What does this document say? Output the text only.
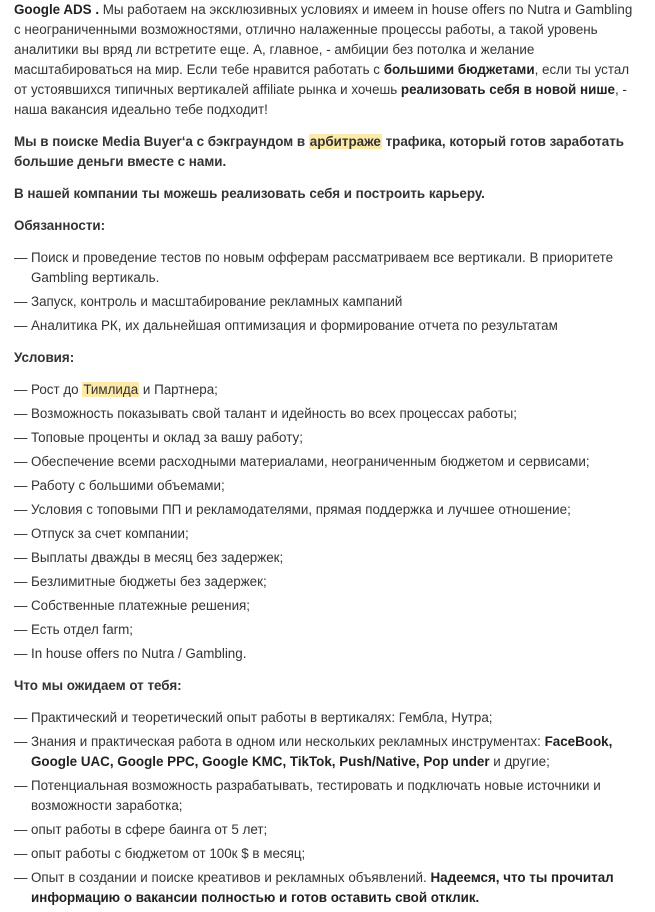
Google ADS . Мы работаем на эксклюзивных условиях и имеем in house offers по Nutra и Gambling с неограниченными возможностями, отлично налаженные процессы работы, а такой уровень аналитики вы вряд ли встретите еще. А, главное, - амбиции без потолка и желание масштабироваться на мир. Если тебе нравится работать с большими бюджетами, если ты устал от устоявшихся типичных вертикалей affiliate рынка и хочешь реализовать себя в новой нише, - наша вакансия идеально тебе подходит!

Мы в поиске Media Buyer‘a с бэкграундом в арбитраже трафика, который готов заработать большие деньги вместе с нами.

В нашей компании ты можешь реализовать себя и построить карьеру.

Обязанности:

— Поиск и проведение тестов по новым офферам рассматриваем все вертикали. В приоритете Gambling вертикаль.
— Запуск, контроль и масштабирование рекламных кампаний
— Аналитика РК, их дальнейшая оптимизация и формирование отчета по результатам

Условия:

— Рост до Тимлида и Партнера;
— Возможность показывать свой талант и идейность во всех процессах работы;
— Топовые проценты и оклад за вашу работу;
— Обеспечение всеми расходными материалами, неограниченным бюджетом и сервисами;
— Работу с большими объемами;
— Условия с топовыми ПП и рекламодателями, прямая поддержка и лучшее отношение;
— Отпуск за счет компании;
— Выплаты дважды в месяц без задержек;
— Безлимитные бюджеты без задержек;
— Собственные платежные решения;
— Есть отдел farm;
— In house offers по Nutra / Gambling.

Что мы ожидаем от тебя:

— Практический и теоретический опыт работы в вертикалях: Гембла, Нутра;
— Знания и практическая работа в одном или нескольких рекламных инструментах: FaceBook, Google UAC, Google PPC, Google KMC, TikTok, Push/Native, Pop under и другие;
— Потенциальная возможность разрабатывать, тестировать и подключать новые источники и возможности заработка;
— опыт работы в сфере баинга от 5 лет;
— опыт работы с бюджетом от 100к $ в месяц;
— Опыт в создании и поиске креативов и рекламных объявлений. Надеемся, что ты прочитал информацию о вакансии полностью и готов оставить свой отклик.
